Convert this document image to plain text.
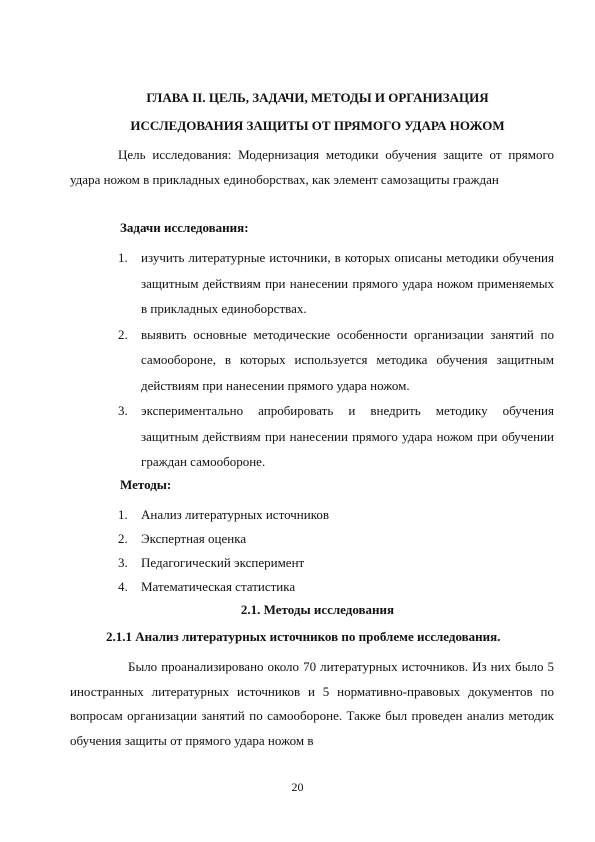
ГЛАВА II. ЦЕЛЬ, ЗАДАЧИ, МЕТОДЫ И ОРГАНИЗАЦИЯ
ИССЛЕДОВАНИЯ ЗАЩИТЫ ОТ ПРЯМОГО УДАРА НОЖОМ
Цель исследования: Модернизация методики обучения защите от прямого удара ножом в прикладных единоборствах, как элемент самозащиты граждан
Задачи исследования:
1. изучить литературные источники, в которых описаны методики обучения защитным действиям при нанесении прямого удара ножом применяемых в прикладных единоборствах.
2. выявить основные методические особенности организации занятий по самообороне, в которых используется методика обучения защитным действиям при нанесении прямого удара ножом.
3. экспериментально апробировать и внедрить методику обучения защитным действиям при нанесении прямого удара ножом при обучении граждан самообороне.
Методы:
1. Анализ литературных источников
2. Экспертная оценка
3. Педагогический эксперимент
4. Математическая статистика
2.1. Методы исследования
2.1.1 Анализ литературных источников по проблеме исследования.
Было проанализировано около 70 литературных источников. Из них было 5 иностранных литературных источников и 5 нормативно-правовых документов по вопросам организации занятий по самообороне. Также был проведен анализ методик обучения защиты от прямого удара ножом в
20
